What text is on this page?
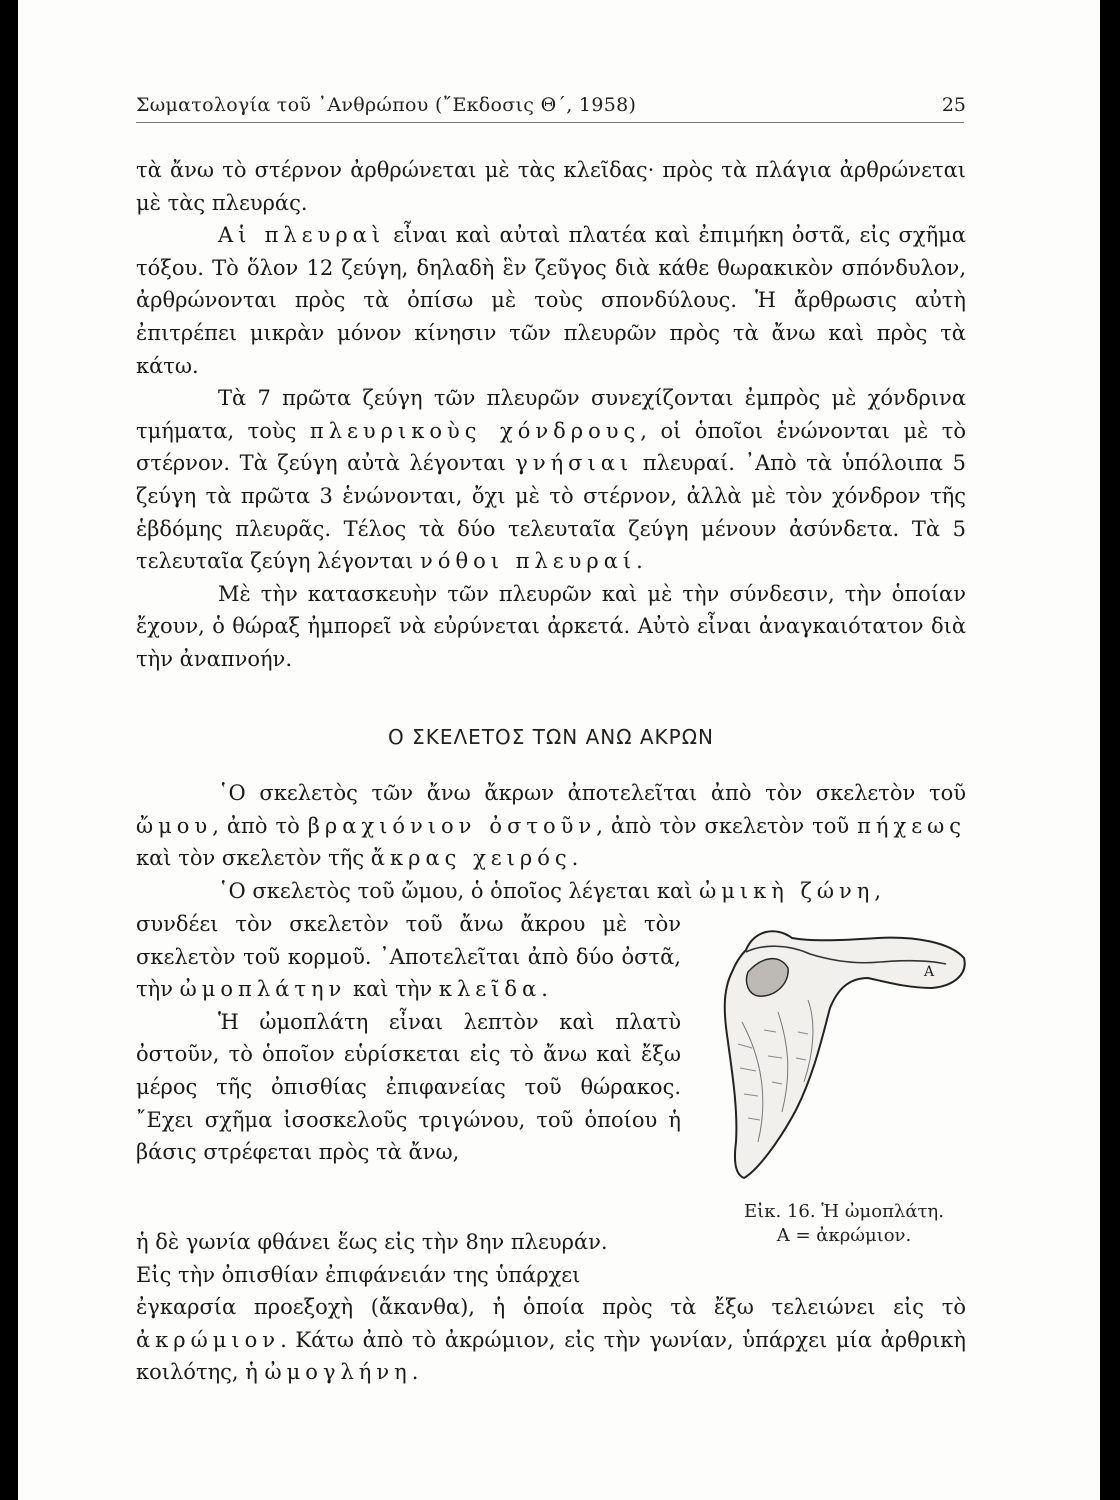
Σωματολογία τοῦ ᾿Ανθρώπου (῎Εκδοσις Θ΄, 1958)	25

τὰ ἄνω τὸ στέρνον ἀρθρώνεται μὲ τὰς κλεῖδας· πρὸς τὰ πλάγια ἀρθρώνεται μὲ τὰς πλευράς.

Αἱ πλευραὶ εἶναι καὶ αὐταὶ πλατέα καὶ ἐπιμήκη ὀστᾶ, εἰς σχῆμα τόξου. Τὸ ὅλον 12 ζεύγη, δηλαδὴ ἓν ζεῦγος διὰ κάθε θωρακικὸν σπόνδυλον, ἀρθρώνονται πρὸς τὰ ὀπίσω μὲ τοὺς σπονδύλους. Ἡ ἄρθρωσις αὐτὴ ἐπιτρέπει μικρὰν μόνον κίνησιν τῶν πλευρῶν πρὸς τὰ ἄνω καὶ πρὸς τὰ κάτω.

Τὰ 7 πρῶτα ζεύγη τῶν πλευρῶν συνεχίζονται ἐμπρὸς μὲ χόνδρινα τμήματα, τοὺς πλευρικοὺς χόνδρους, οἱ ὁποῖοι ἑνώνονται μὲ τὸ στέρνον. Τὰ ζεύγη αὐτὰ λέγονται γνήσιαι πλευραί. ᾿Απὸ τὰ ὑπόλοιπα 5 ζεύγη τὰ πρῶτα 3 ἑνώνονται, ὄχι μὲ τὸ στέρνον, ἀλλὰ μὲ τὸν χόνδρον τῆς ἑβδόμης πλευρᾶς. Τέλος τὰ δύο τελευταῖα ζεύγη μένουν ἀσύνδετα. Τὰ 5 τελευταῖα ζεύγη λέγονται νόθοι πλευραί.

Μὲ τὴν κατασκευὴν τῶν πλευρῶν καὶ μὲ τὴν σύνδεσιν, τὴν ὁποίαν ἔχουν, ὁ θώραξ ἠμπορεῖ νὰ εὐρύνεται ἀρκετά. Αὐτὸ εἶναι ἀναγκαιότατον διὰ τὴν ἀναπνοήν.

Ο ΣΚΕΛΕΤΟΣ ΤΩΝ ΑΝΩ ΑΚΡΩΝ

῾Ο σκελετὸς τῶν ἄνω ἄκρων ἀποτελεῖται ἀπὸ τὸν σκελετὸν τοῦ ὤμου, ἀπὸ τὸ βραχιόνιον ὀστοῦν, ἀπὸ τὸν σκελετὸν τοῦ πήχεως καὶ τὸν σκελετὸν τῆς ἄκρας χειρός.

῾Ο σκελετὸς τοῦ ὤμου, ὁ ὁποῖος λέγεται καὶ ὠμικὴ ζώνη,

συνδέει τὸν σκελετὸν τοῦ ἄνω ἄκρου μὲ τὸν σκελετὸν τοῦ κορμοῦ. ᾿Αποτελεῖται ἀπὸ δύο ὀστᾶ, τὴν ὠμοπλάτην καὶ τὴν κλεῖδα.

Ἡ ὠμοπλάτη εἶναι λεπτὸν καὶ πλατὺ ὀστοῦν, τὸ ὁποῖον εὑρίσκεται εἰς τὸ ἄνω καὶ ἔξω μέρος τῆς ὀπισθίας ἐπιφανείας τοῦ θώρακος. ῎Εχει σχῆμα ἰσοσκελοῦς τριγώνου, τοῦ ὁποίου ἡ βάσις στρέφεται πρὸς τὰ ἄνω,

ἡ δὲ γωνία φθάνει ἕως εἰς τὴν 8ην πλευράν.

Εἰς τὴν ὀπισθίαν ἐπιφάνειάν της ὑπάρχει

ἐγκαρσία προεξοχὴ (ἄκανθα), ἡ ὁποία πρὸς τὰ ἔξω τελειώνει εἰς τὸ ἀκρώμιον. Κάτω ἀπὸ τὸ ἀκρώμιον, εἰς τὴν γωνίαν, ὑπάρχει μία ἀρθρικὴ κοιλότης, ἡ ὠμογλήνη.

Α
Εἰκ. 16. Ἡ ὠμοπλάτη.
Α = ἀκρώμιον.
